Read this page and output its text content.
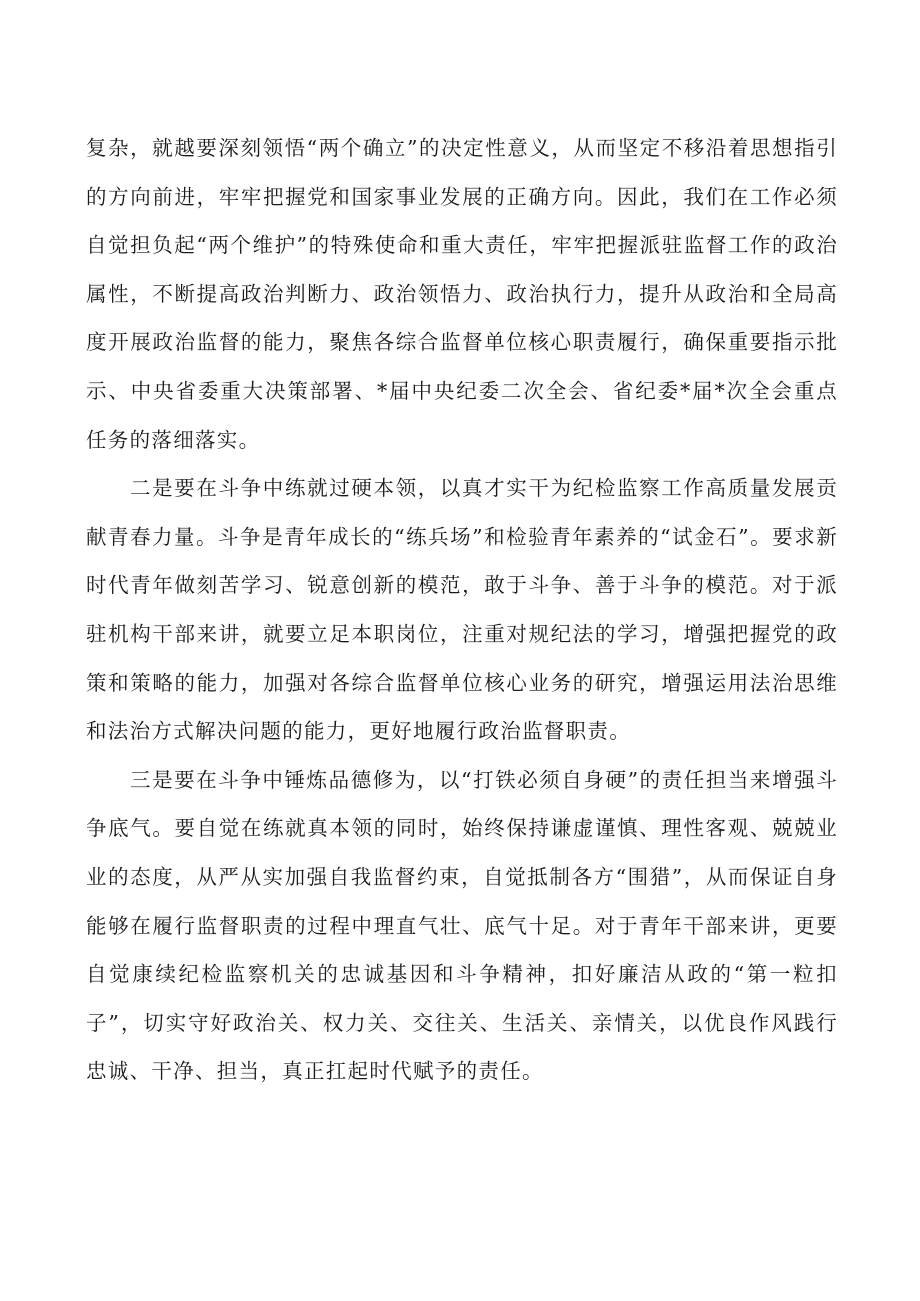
复杂，就越要深刻领悟“两个确立”的决定性意义，从而坚定不移沿着思想指引的方向前进，牢牢把握党和国家事业发展的正确方向。因此，我们在工作必须自觉担负起“两个维护”的特殊使命和重大责任，牢牢把握派驻监督工作的政治属性，不断提高政治判断力、政治领悟力、政治执行力，提升从政治和全局高度开展政治监督的能力，聚焦各综合监督单位核心职责履行，确保重要指示批示、中央省委重大决策部署、*届中央纪委二次全会、省纪委*届*次全会重点任务的落细落实。

二是要在斗争中练就过硬本领，以真才实干为纪检监察工作高质量发展贡献青春力量。斗争是青年成长的“练兵场”和检验青年素养的“试金石”。要求新时代青年做刻苦学习、锐意创新的模范，敢于斗争、善于斗争的模范。对于派驻机构干部来讲，就要立足本职岗位，注重对规纪法的学习，增强把握党的政策和策略的能力，加强对各综合监督单位核心业务的研究，增强运用法治思维和法治方式解决问题的能力，更好地履行政治监督职责。

三是要在斗争中锤炼品德修为，以“打铁必须自身硬”的责任担当来增强斗争底气。要自觉在练就真本领的同时，始终保持谦虚谨慎、理性客观、兢兢业业的态度，从严从实加强自我监督约束，自觉抵制各方“围猎”，从而保证自身能够在履行监督职责的过程中理直气壮、底气十足。对于青年干部来讲，更要自觉康续纪检监察机关的忠诚基因和斗争精神，扣好廉洁从政的“第一粒扣子”，切实守好政治关、权力关、交往关、生活关、亲情关，以优良作风践行忠诚、干净、担当，真正扛起时代赋予的责任。
